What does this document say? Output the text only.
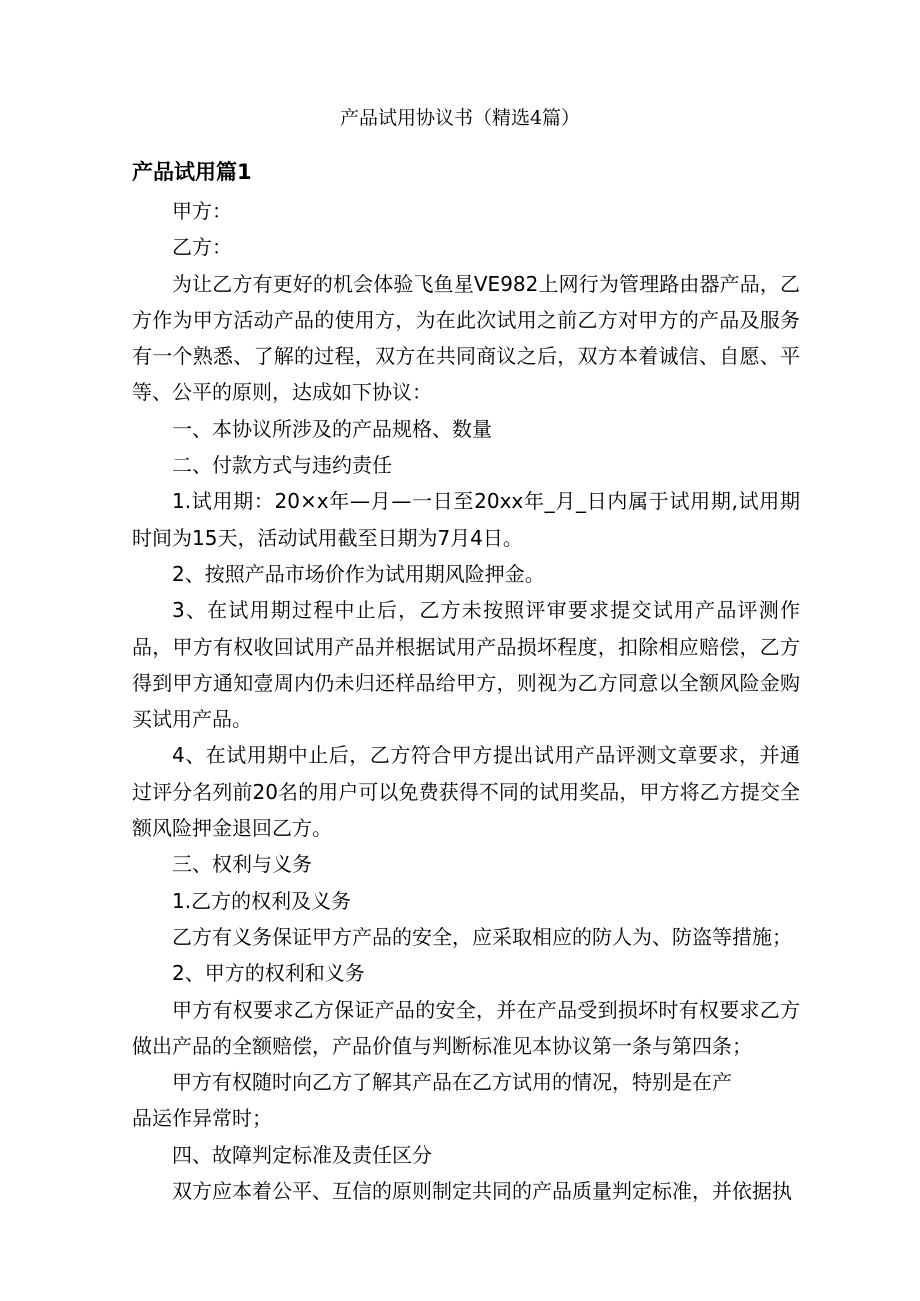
产品试用协议书（精选4篇）
产品试用篇1

甲方：

乙方：

为让乙方有更好的机会体验飞鱼星VE982上网行为管理路由器产品，乙方作为甲方活动产品的使用方，为在此次试用之前乙方对甲方的产品及服务有一个熟悉、了解的过程，双方在共同商议之后，双方本着诚信、自愿、平等、公平的原则，达成如下协议：

一、本协议所涉及的产品规格、数量

二、付款方式与违约责任

1.试用期：20×x年—月—一日至20xx年_月_日内属于试用期,试用期时间为15天，活动试用截至日期为7月4日。

2、按照产品市场价作为试用期风险押金。

3、在试用期过程中止后，乙方未按照评审要求提交试用产品评测作品，甲方有权收回试用产品并根据试用产品损坏程度，扣除相应赔偿，乙方得到甲方通知壹周内仍未归还样品给甲方，则视为乙方同意以全额风险金购买试用产品。

4、在试用期中止后，乙方符合甲方提出试用产品评测文章要求，并通过评分名列前20名的用户可以免费获得不同的试用奖品，甲方将乙方提交全额风险押金退回乙方。

三、权利与义务

1.乙方的权利及义务

乙方有义务保证甲方产品的安全，应采取相应的防人为、防盗等措施；

2、甲方的权利和义务

甲方有权要求乙方保证产品的安全，并在产品受到损坏时有权要求乙方做出产品的全额赔偿，产品价值与判断标准见本协议第一条与第四条；

甲方有权随时向乙方了解其产品在乙方试用的情况，特别是在产

品运作异常时；

四、故障判定标准及责任区分

双方应本着公平、互信的原则制定共同的产品质量判定标准，并依据执
